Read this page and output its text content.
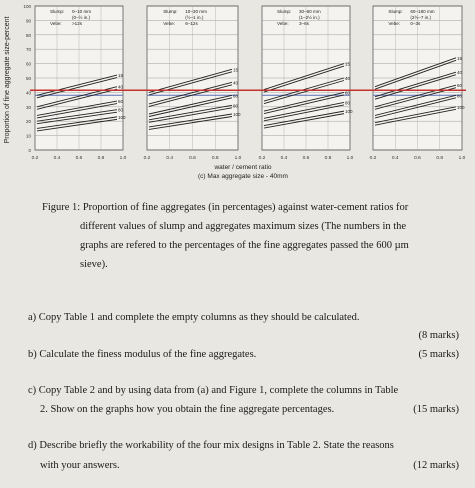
Proportion of fine aggregate size-percent
100
90
80
70
60
50
40
30
20
10
0
0.2	0.4	0.6	0.8	1.0
15
40
60
80
100
Slump: 0–10 mm
(0–½ in.)
Vebe: >12s
0.2	0.4	0.6	0.8	1.0
15
40
60
80
100
Slump: 10–30 mm
(½–1 in.)
Vebe: 6–12s
0.2	0.4	0.6	0.8	1.0
15
40
60
80
100
Slump: 30–60 mm
(1–2½ in.)
Vebe: 3–6s
0.2	0.4	0.6	0.8	1.0
15
40
60
80
100
Slump: 60–180 mm
(2½–7 in.)
Vebe: 0–3s
water / cement ratio
(c) Max aggregate size - 40mm
Figure 1: Proportion of fine aggregates (in percentages) against water-cement ratios for
different values of slump and aggregates maximum sizes (The numbers in the
graphs are refered to the percentages of the fine aggregates passed the 600 µm
sieve).
a) Copy Table 1 and complete the empty columns as they should be calculated.
(8 marks)
b) Calculate the finess modulus of the fine aggregates.	(5 marks)
c) Copy Table 2 and by using data from (a) and Figure 1, complete the columns in Table
2. Show on the graphs how you obtain the fine aggregate percentages.	(15 marks)
d) Describe briefly the workability of the four mix designs in Table 2. State the reasons
with your answers.	(12 marks)
